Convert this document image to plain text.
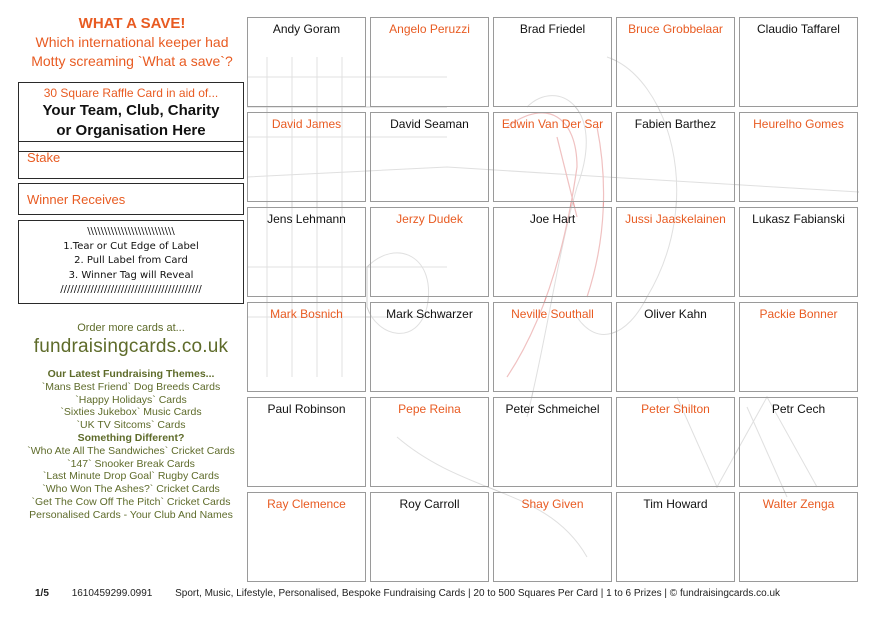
WHAT A SAVE!
Which international keeper had
Motty screaming `What a save`?
30 Square Raffle Card in aid of...
Your Team, Club, Charity
or Organisation Here
Stake
Winner Receives
\\\\\\\\\\\\\\\\\\\\\\\\\\
1.Tear or Cut Edge of Label
2. Pull Label from Card
3. Winner Tag will Reveal
//////////////////////////////////////////
Order more cards at...
fundraisingcards.co.uk
Our Latest Fundraising Themes...
`Mans Best Friend` Dog Breeds Cards
`Happy Holidays` Cards
`Sixties Jukebox` Music Cards
`UK TV Sitcoms` Cards
Something Different?
`Who Ate All The Sandwiches` Cricket Cards
`147` Snooker Break Cards
`Last Minute Drop Goal` Rugby Cards
`Who Won The Ashes?` Cricket Cards
`Get The Cow Off The Pitch` Cricket Cards
Personalised Cards - Your Club And Names
Andy Goram	Angelo Peruzzi	Brad Friedel	Bruce Grobbelaar	Claudio Taffarel
David James	David Seaman	Edwin Van Der Sar	Fabien Barthez	Heurelho Gomes
Jens Lehmann	Jerzy Dudek	Joe Hart	Jussi Jaaskelainen	Lukasz Fabianski
Mark Bosnich	Mark Schwarzer	Neville Southall	Oliver Kahn	Packie Bonner
Paul Robinson	Pepe Reina	Peter Schmeichel	Peter Shilton	Petr Cech
Ray Clemence	Roy Carroll	Shay Given	Tim Howard	Walter Zenga
1/5 1610459299.0991 Sport, Music, Lifestyle, Personalised, Bespoke Fundraising Cards | 20 to 500 Squares Per Card | 1 to 6 Prizes | © fundraisingcards.co.uk
